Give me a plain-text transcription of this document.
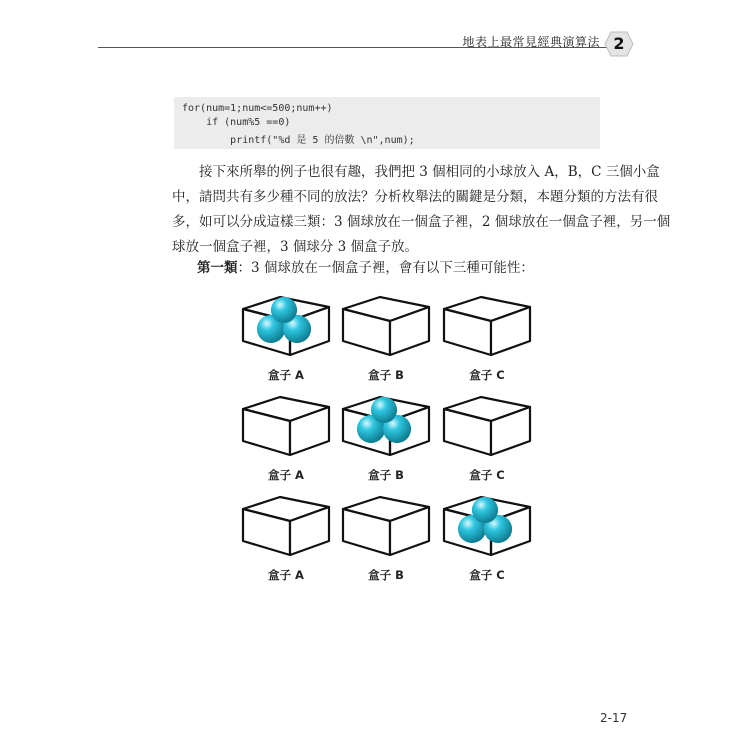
地表上最常見經典演算法 2
for(num=1;num<=500;num++)
if (num%5 ==0)
printf("%d 是 5 的倍數 \n",num);
接下來所舉的例子也很有趣，我們把 3 個相同的小球放入 A，B，C 三個小盒
中，請問共有多少種不同的放法？分析枚舉法的關鍵是分類，本題分類的方法有很
多，如可以分成這樣三類：3 個球放在一個盒子裡，2 個球放在一個盒子裡，另一個
球放一個盒子裡，3 個球分 3 個盒子放。
第一類：3 個球放在一個盒子裡，會有以下三種可能性：
盒子 A	盒子 B	盒子 C
盒子 A	盒子 B	盒子 C
盒子 A	盒子 B	盒子 C
2-17
